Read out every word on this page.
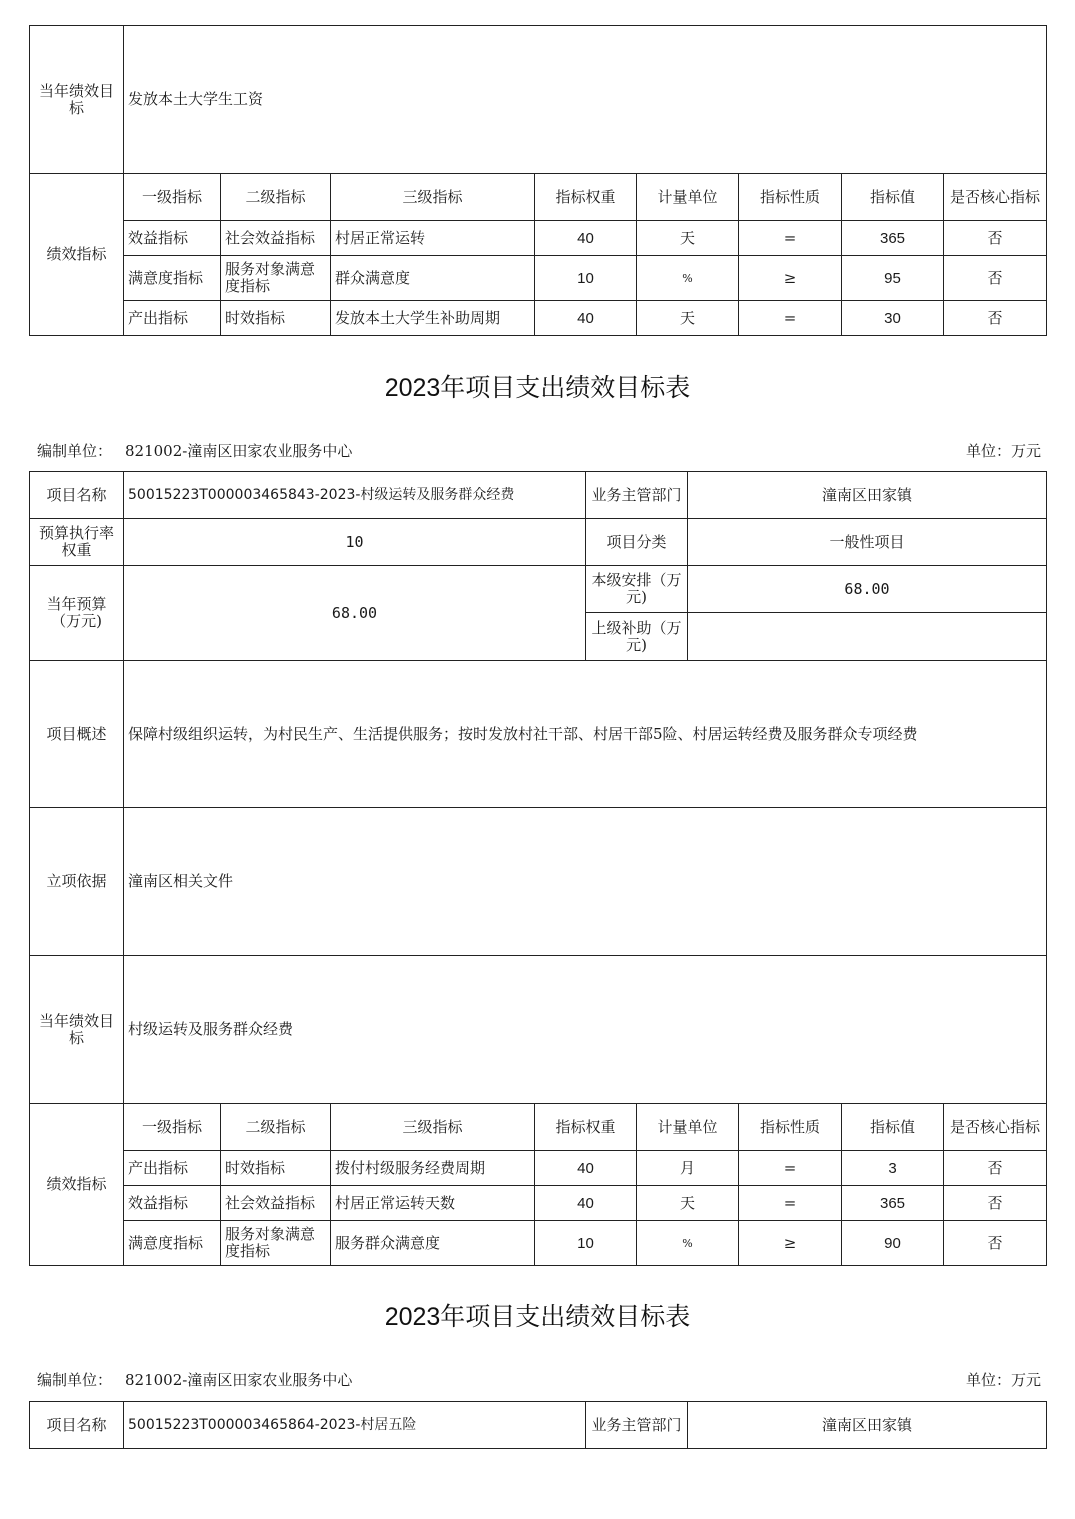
当年绩效目标	发放本土大学生工资							
绩效指标	一级指标	二级指标	三级指标	指标权重	计量单位	指标性质	指标值	是否核心指标
	效益指标	社会效益指标	村居正常运转	40	天	=	365	否
	满意度指标	服务对象满意度指标	群众满意度	10	%	≥	95	否
	产出指标	时效指标	发放本土大学生补助周期	40	天	=	30	否
2023年项目支出绩效目标表
编制单位： 821002-潼南区田家农业服务中心	单位：万元
项目名称	50015223T000003465843-2023-村级运转及服务群众经费	业务主管部门	潼南区田家镇
预算执行率权重	10	项目分类	一般性项目
当年预算（万元)	68.00	本级安排（万元)	68.00
		上级补助（万元)	
项目概述	保障村级组织运转，为村民生产、生活提供服务；按时发放村社干部、村居干部5险、村居运转经费及服务群众专项经费		
立项依据	潼南区相关文件		
当年绩效目标	村级运转及服务群众经费		
绩效指标	一级指标	二级指标	三级指标	指标权重	计量单位	指标性质	指标值	是否核心指标
	产出指标	时效指标	拨付村级服务经费周期	40	月	=	3	否
	效益指标	社会效益指标	村居正常运转天数	40	天	=	365	否
	满意度指标	服务对象满意度指标	服务群众满意度	10	%	≥	90	否
2023年项目支出绩效目标表
编制单位： 821002-潼南区田家农业服务中心	单位：万元
项目名称	50015223T000003465864-2023-村居五险	业务主管部门	潼南区田家镇
